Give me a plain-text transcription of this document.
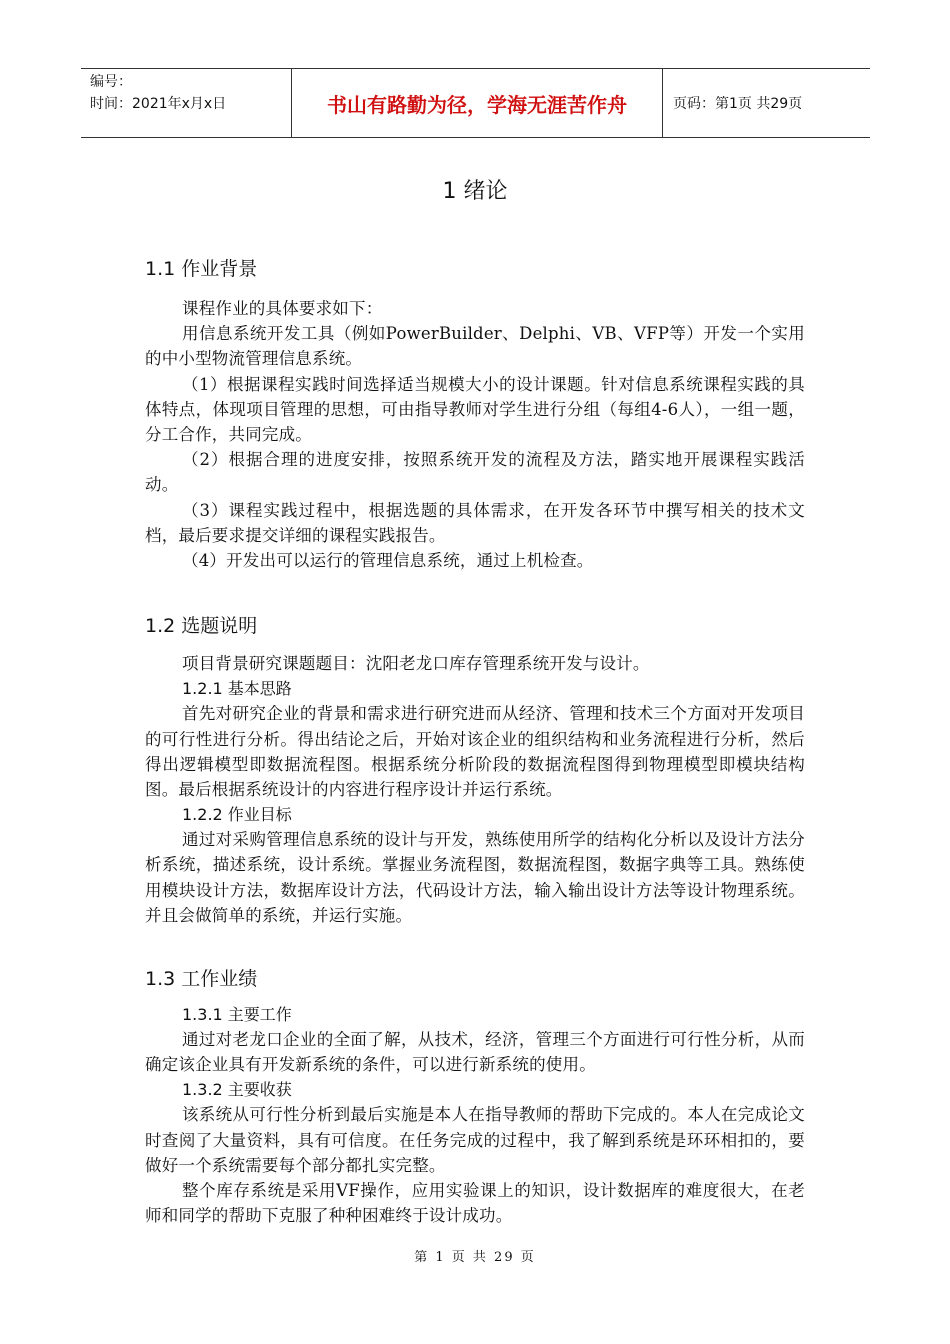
编号：
时间：2021年x月x日	书山有路勤为径，学海无涯苦作舟	页码：第1页 共29页
1 绪论
1.1 作业背景

课程作业的具体要求如下：

用信息系统开发工具（例如PowerBuilder、Delphi、VB、VFP等）开发一个实用的中小型物流管理信息系统。

（1）根据课程实践时间选择适当规模大小的设计课题。针对信息系统课程实践的具体特点，体现项目管理的思想，可由指导教师对学生进行分组（每组4-6人），一组一题，分工合作，共同完成。

（2）根据合理的进度安排，按照系统开发的流程及方法，踏实地开展课程实践活动。

（3）课程实践过程中，根据选题的具体需求，在开发各环节中撰写相关的技术文档，最后要求提交详细的课程实践报告。

（4）开发出可以运行的管理信息系统，通过上机检查。

1.2 选题说明

项目背景研究课题题目：沈阳老龙口库存管理系统开发与设计。

1.2.1 基本思路

首先对研究企业的背景和需求进行研究进而从经济、管理和技术三个方面对开发项目的可行性进行分析。得出结论之后，开始对该企业的组织结构和业务流程进行分析，然后得出逻辑模型即数据流程图。根据系统分析阶段的数据流程图得到物理模型即模块结构图。最后根据系统设计的内容进行程序设计并运行系统。

1.2.2 作业目标

通过对采购管理信息系统的设计与开发，熟练使用所学的结构化分析以及设计方法分析系统，描述系统，设计系统。掌握业务流程图，数据流程图，数据字典等工具。熟练使用模块设计方法，数据库设计方法，代码设计方法，输入输出设计方法等设计物理系统。并且会做简单的系统，并运行实施。

1.3 工作业绩
1.3.1 主要工作

通过对老龙口企业的全面了解，从技术，经济，管理三个方面进行可行性分析，从而确定该企业具有开发新系统的条件，可以进行新系统的使用。

1.3.2 主要收获

该系统从可行性分析到最后实施是本人在指导教师的帮助下完成的。本人在完成论文时查阅了大量资料，具有可信度。在任务完成的过程中，我了解到系统是环环相扣的，要做好一个系统需要每个部分都扎实完整。

整个库存系统是采用VF操作，应用实验课上的知识，设计数据库的难度很大，在老师和同学的帮助下克服了种种困难终于设计成功。

第 1 页 共 29 页
